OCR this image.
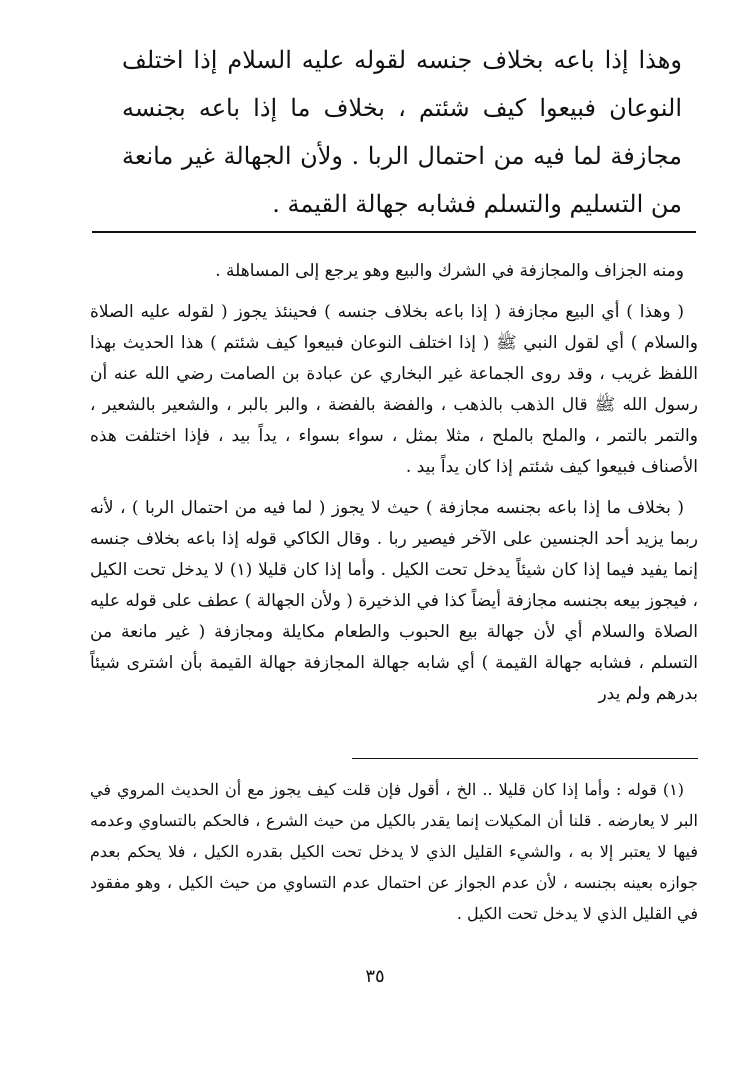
وهذا إذا باعه بخلاف جنسه لقوله عليه السلام إذا اختلف النوعان فبيعوا كيف شئتم ، بخلاف ما إذا باعه بجنسه مجازفة لما فيه من احتمال الربا . ولأن الجهالة غير مانعة من التسليم والتسلم فشابه جهالة القيمة .

ومنه الجزاف والمجازفة في الشرك والبيع وهو يرجع إلى المساهلة .

( وهذا ) أي البيع مجازفة ( إذا باعه بخلاف جنسه ) فحينئذ يجوز ( لقوله عليه الصلاة والسلام ) أي لقول النبي ﷺ ( إذا اختلف النوعان فبيعوا كيف شئتم ) هذا الحديث بهذا اللفظ غريب ، وقد روى الجماعة غير البخاري عن عبادة بن الصامت رضي الله عنه أن رسول الله ﷺ قال الذهب بالذهب ، والفضة بالفضة ، والبر بالبر ، والشعير بالشعير ، والتمر بالتمر ، والملح بالملح ، مثلا بمثل ، سواء بسواء ، يداً بيد ، فإذا اختلفت هذه الأصناف فبيعوا كيف شئتم إذا كان يداً بيد .

( بخلاف ما إذا باعه بجنسه مجازفة ) حيث لا يجوز ( لما فيه من احتمال الربا ) ، لأنه ربما يزيد أحد الجنسين على الآخر فيصير ربا . وقال الكاكي قوله إذا باعه بخلاف جنسه إنما يفيد فيما إذا كان شيئاً يدخل تحت الكيل . وأما إذا كان قليلا (١) لا يدخل تحت الكيل ، فيجوز بيعه بجنسه مجازفة أيضاً كذا في الذخيرة ( ولأن الجهالة ) عطف على قوله عليه الصلاة والسلام أي لأن جهالة بيع الحبوب والطعام مكايلة ومجازفة ( غير مانعة من التسلم ، فشابه جهالة القيمة ) أي شابه جهالة المجازفة جهالة القيمة بأن اشترى شيئاً بدرهم ولم يدر

(١) قوله : وأما إذا كان قليلا .. الخ ، أقول فإن قلت كيف يجوز مع أن الحديث المروي في البر لا يعارضه . قلنا أن المكيلات إنما يقدر بالكيل من حيث الشرع ، فالحكم بالتساوي وعدمه فيها لا يعتبر إلا به ، والشيء القليل الذي لا يدخل تحت الكيل بقدره الكيل ، فلا يحكم بعدم جوازه بعينه بجنسه ، لأن عدم الجواز عن احتمال عدم التساوي من حيث الكيل ، وهو مفقود في القليل الذي لا يدخل تحت الكيل .

٣٥
